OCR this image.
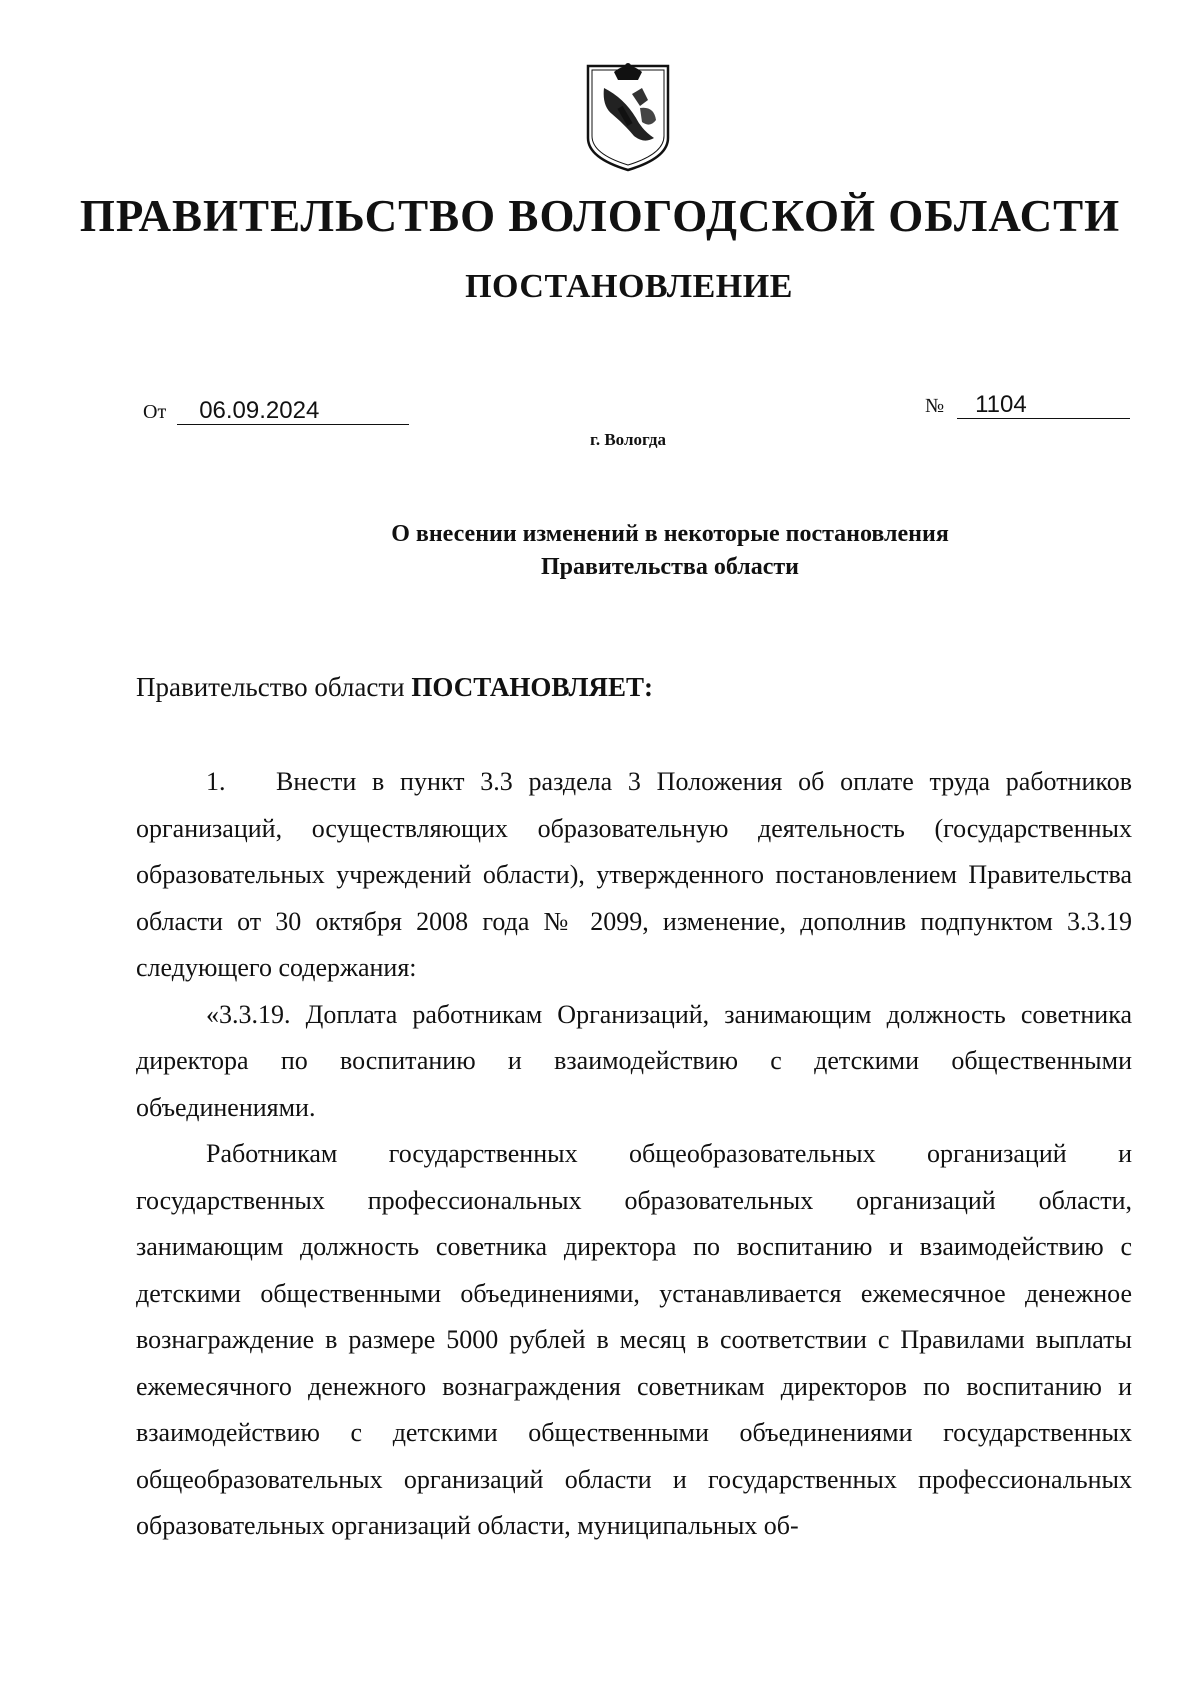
ПРАВИТЕЛЬСТВО ВОЛОГОДСКОЙ ОБЛАСТИ
ПОСТАНОВЛЕНИЕ
От 06.09.2024	№ 1104
г. Вологда
О внесении изменений в некоторые постановления
Правительства области
Правительство области ПОСТАНОВЛЯЕТ:

1. Внести в пункт 3.3 раздела 3 Положения об оплате труда работников организаций, осуществляющих образовательную деятельность (государственных образовательных учреждений области), утвержденного постановлением Правительства области от 30 октября 2008 года № 2099, изменение, дополнив подпунктом 3.3.19 следующего содержания:

«3.3.19. Доплата работникам Организаций, занимающим должность советника директора по воспитанию и взаимодействию с детскими общественными объединениями.

Работникам государственных общеобразовательных организаций и государственных профессиональных образовательных организаций области, занимающим должность советника директора по воспитанию и взаимодействию с детскими общественными объединениями, устанавливается ежемесячное денежное вознаграждение в размере 5000 рублей в месяц в соответствии с Правилами выплаты ежемесячного денежного вознаграждения советникам директоров по воспитанию и взаимодействию с детскими общественными объединениями государственных общеобразовательных организаций области и государственных профессиональных образовательных организаций области, муниципальных об-
